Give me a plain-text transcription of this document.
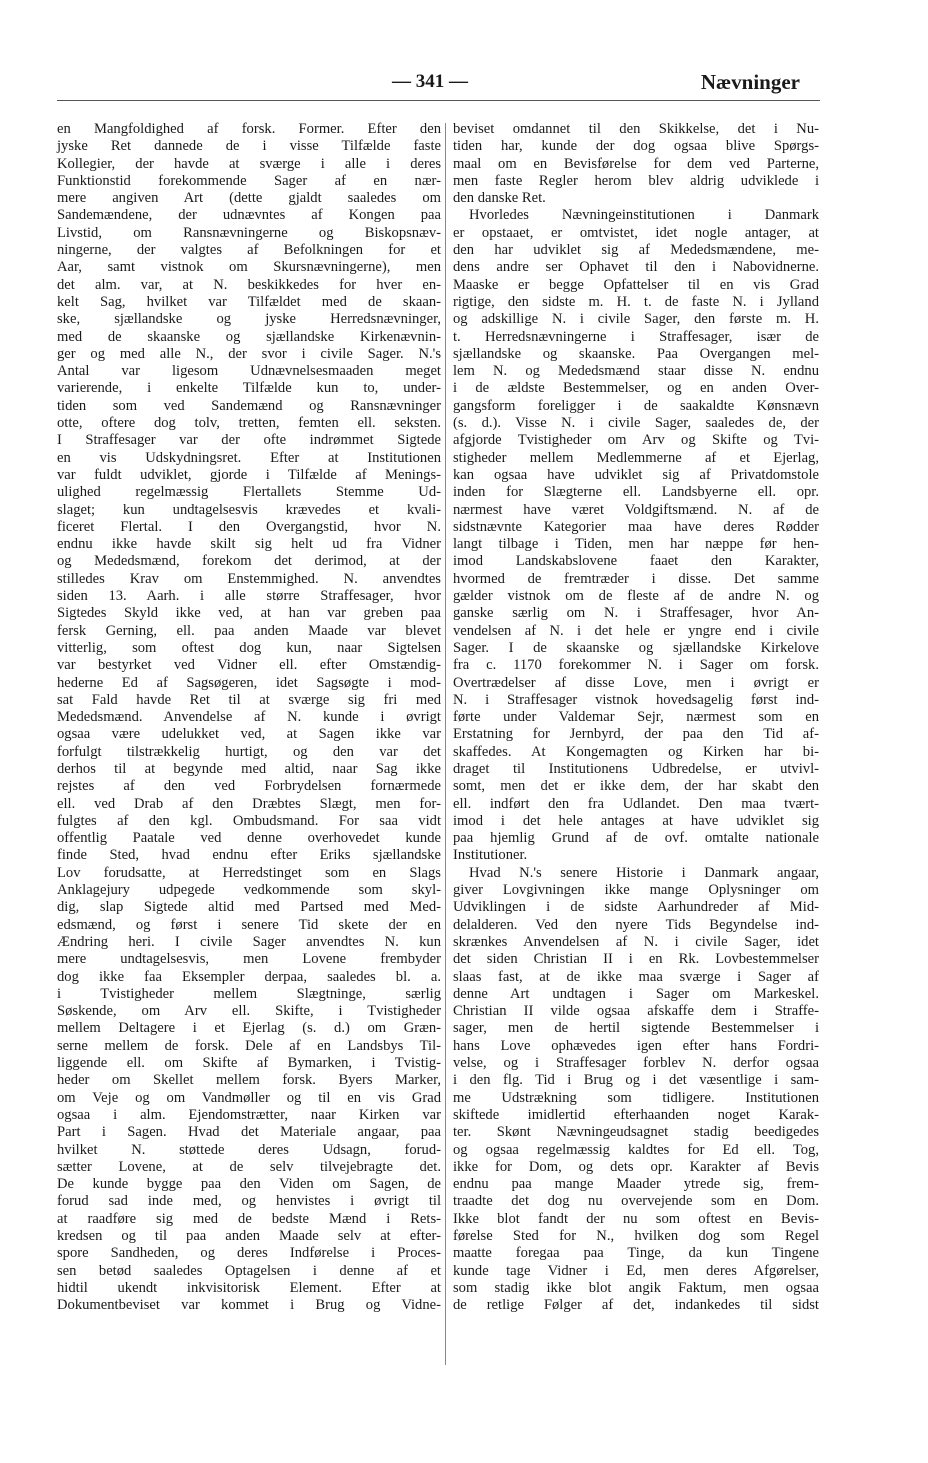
— 341 —	Nævninger
en Mangfoldighed af forsk. Former. Efter den
jyske Ret dannede de i visse Tilfælde faste
Kollegier, der havde at sværge i alle i deres
Funktionstid forekommende Sager af en nær-
mere angiven Art (dette gjaldt saaledes om
Sandemændene, der udnævntes af Kongen paa
Livstid, om Ransnævningerne og Biskopsnæv-
ningerne, der valgtes af Befolkningen for et
Aar, samt vistnok om Skursnævningerne), men
det alm. var, at N. beskikkedes for hver en-
kelt Sag, hvilket var Tilfældet med de skaan-
ske, sjællandske og jyske Herredsnævninger,
med de skaanske og sjællandske Kirkenævnin-
ger og med alle N., der svor i civile Sager. N.'s
Antal var ligesom Udnævnelsesmaaden meget
varierende, i enkelte Tilfælde kun to, under-
tiden som ved Sandemænd og Ransnævninger
otte, oftere dog tolv, tretten, femten ell. seksten.
I Straffesager var der ofte indrømmet Sigtede
en vis Udskydningsret. Efter at Institutionen
var fuldt udviklet, gjorde i Tilfælde af Menings-
ulighed regelmæssig Flertallets Stemme Ud-
slaget; kun undtagelsesvis krævedes et kvali-
ficeret Flertal. I den Overgangstid, hvor N.
endnu ikke havde skilt sig helt ud fra Vidner
og Mededsmænd, forekom det derimod, at der
stilledes Krav om Enstemmighed. N. anvendtes
siden 13. Aarh. i alle større Straffesager, hvor
Sigtedes Skyld ikke ved, at han var greben paa
fersk Gerning, ell. paa anden Maade var blevet
vitterlig, som oftest dog kun, naar Sigtelsen
var bestyrket ved Vidner ell. efter Omstændig-
hederne Ed af Sagsøgeren, idet Sagsøgte i mod-
sat Fald havde Ret til at sværge sig fri med
Mededsmænd. Anvendelse af N. kunde i øvrigt
ogsaa være udelukket ved, at Sagen ikke var
forfulgt tilstrækkelig hurtigt, og den var det
derhos til at begynde med altid, naar Sag ikke
rejstes af den ved Forbrydelsen fornærmede
ell. ved Drab af den Dræbtes Slægt, men for-
fulgtes af den kgl. Ombudsmand. For saa vidt
offentlig Paatale ved denne overhovedet kunde
finde Sted, hvad endnu efter Eriks sjællandske
Lov forudsatte, at Herredstinget som en Slags
Anklagejury udpegede vedkommende som skyl-
dig, slap Sigtede altid med Partsed med Med-
edsmænd, og først i senere Tid skete der en
Ændring heri. I civile Sager anvendtes N. kun
mere undtagelsesvis, men Lovene frembyder
dog ikke faa Eksempler derpaa, saaledes bl. a.
i Tvistigheder mellem Slægtninge, særlig
Søskende, om Arv ell. Skifte, i Tvistigheder
mellem Deltagere i et Ejerlag (s. d.) om Græn-
serne mellem de forsk. Dele af en Landsbys Til-
liggende ell. om Skifte af Bymarken, i Tvistig-
heder om Skellet mellem forsk. Byers Marker,
om Veje og om Vandmøller og til en vis Grad
ogsaa i alm. Ejendomstrætter, naar Kirken var
Part i Sagen. Hvad det Materiale angaar, paa
hvilket N. støttede deres Udsagn, forud-
sætter Lovene, at de selv tilvejebragte det.
De kunde bygge paa den Viden om Sagen, de
forud sad inde med, og henvistes i øvrigt til
at raadføre sig med de bedste Mænd i Rets-
kredsen og til paa anden Maade selv at efter-
spore Sandheden, og deres Indførelse i Proces-
sen betød saaledes Optagelsen i denne af et
hidtil ukendt inkvisitorisk Element. Efter at
Dokumentbeviset var kommet i Brug og Vidne-
beviset omdannet til den Skikkelse, det i Nu-
tiden har, kunde der dog ogsaa blive Spørgs-
maal om en Bevisførelse for dem ved Parterne,
men faste Regler herom blev aldrig udviklede i
den danske Ret.
Hvorledes Nævningeinstitutionen i Danmark
er opstaaet, er omtvistet, idet nogle antager, at
den har udviklet sig af Mededsmændene, me-
dens andre ser Ophavet til den i Nabovidnerne.
Maaske er begge Opfattelser til en vis Grad
rigtige, den sidste m. H. t. de faste N. i Jylland
og adskillige N. i civile Sager, den første m. H.
t. Herredsnævningerne i Straffesager, især de
sjællandske og skaanske. Paa Overgangen mel-
lem N. og Mededsmænd staar disse N. endnu
i de ældste Bestemmelser, og en anden Over-
gangsform foreligger i de saakaldte Kønsnævn
(s. d.). Visse N. i civile Sager, saaledes de, der
afgjorde Tvistigheder om Arv og Skifte og Tvi-
stigheder mellem Medlemmerne af et Ejerlag,
kan ogsaa have udviklet sig af Privatdomstole
inden for Slægterne ell. Landsbyerne ell. opr.
nærmest have været Voldgiftsmænd. N. af de
sidstnævnte Kategorier maa have deres Rødder
langt tilbage i Tiden, men har næppe før hen-
imod Landskabslovene faaet den Karakter,
hvormed de fremtræder i disse. Det samme
gælder vistnok om de fleste af de andre N. og
ganske særlig om N. i Straffesager, hvor An-
vendelsen af N. i det hele er yngre end i civile
Sager. I de skaanske og sjællandske Kirkelove
fra c. 1170 forekommer N. i Sager om forsk.
Overtrædelser af disse Love, men i øvrigt er
N. i Straffesager vistnok hovedsagelig først ind-
førte under Valdemar Sejr, nærmest som en
Erstatning for Jernbyrd, der paa den Tid af-
skaffedes. At Kongemagten og Kirken har bi-
draget til Institutionens Udbredelse, er utvivl-
somt, men det er ikke dem, der har skabt den
ell. indført den fra Udlandet. Den maa tvært-
imod i det hele antages at have udviklet sig
paa hjemlig Grund af de ovf. omtalte nationale
Institutioner.
Hvad N.'s senere Historie i Danmark angaar,
giver Lovgivningen ikke mange Oplysninger om
Udviklingen i de sidste Aarhundreder af Mid-
delalderen. Ved den nyere Tids Begyndelse ind-
skrænkes Anvendelsen af N. i civile Sager, idet
det siden Christian II i en Rk. Lovbestemmelser
slaas fast, at de ikke maa sværge i Sager af
denne Art undtagen i Sager om Markeskel.
Christian II vilde ogsaa afskaffe dem i Straffe-
sager, men de hertil sigtende Bestemmelser i
hans Love ophævedes igen efter hans Fordri-
velse, og i Straffesager forblev N. derfor ogsaa
i den flg. Tid i Brug og i det væsentlige i sam-
me Udstrækning som tidligere. Institutionen
skiftede imidlertid efterhaanden noget Karak-
ter. Skønt Nævningeudsagnet stadig beedigedes
og ogsaa regelmæssig kaldtes for Ed ell. Tog,
ikke for Dom, og dets opr. Karakter af Bevis
endnu paa mange Maader ytrede sig, frem-
traadte det dog nu overvejende som en Dom.
Ikke blot fandt der nu som oftest en Bevis-
førelse Sted for N., hvilken dog som Regel
maatte foregaa paa Tinge, da kun Tingene
kunde tage Vidner i Ed, men deres Afgørelser,
som stadig ikke blot angik Faktum, men ogsaa
de retlige Følger af det, indankedes til sidst
